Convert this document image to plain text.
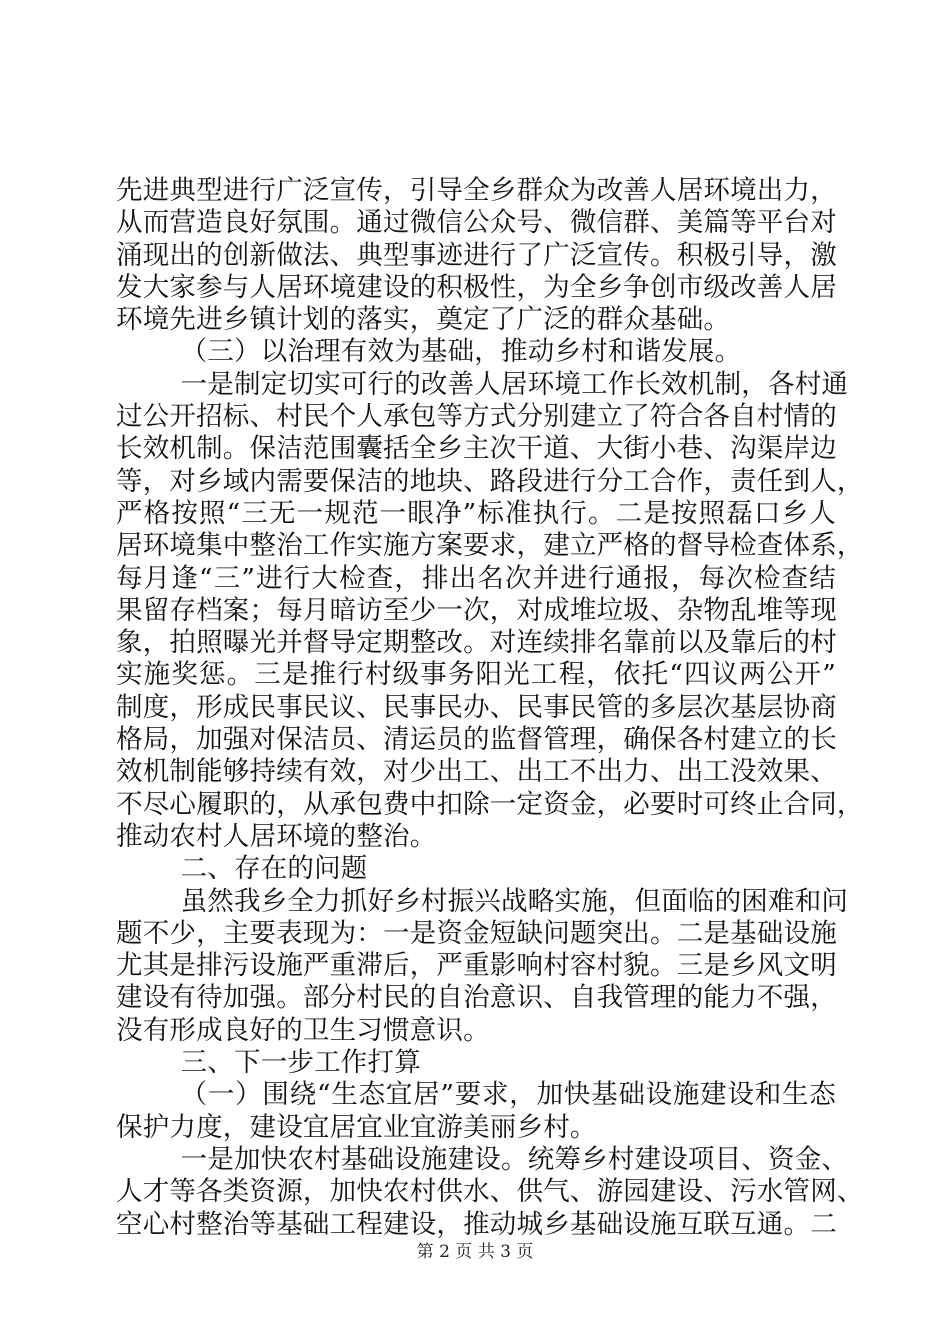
先进典型进行广泛宣传，引导全乡群众为改善人居环境出力，
从而营造良好氛围。通过微信公众号、微信群、美篇等平台对
涌现出的创新做法、典型事迹进行了广泛宣传。积极引导，激
发大家参与人居环境建设的积极性，为全乡争创市级改善人居
环境先进乡镇计划的落实，奠定了广泛的群众基础。
（三）以治理有效为基础，推动乡村和谐发展。
一是制定切实可行的改善人居环境工作长效机制，各村通
过公开招标、村民个人承包等方式分别建立了符合各自村情的
长效机制。保洁范围囊括全乡主次干道、大街小巷、沟渠岸边
等，对乡域内需要保洁的地块、路段进行分工合作，责任到人，
严格按照“三无一规范一眼净”标准执行。二是按照磊口乡人
居环境集中整治工作实施方案要求，建立严格的督导检查体系，
每月逢“三”进行大检查，排出名次并进行通报，每次检查结
果留存档案；每月暗访至少一次，对成堆垃圾、杂物乱堆等现
象，拍照曝光并督导定期整改。对连续排名靠前以及靠后的村
实施奖惩。三是推行村级事务阳光工程，依托“四议两公开”
制度，形成民事民议、民事民办、民事民管的多层次基层协商
格局，加强对保洁员、清运员的监督管理，确保各村建立的长
效机制能够持续有效，对少出工、出工不出力、出工没效果、
不尽心履职的，从承包费中扣除一定资金，必要时可终止合同，
推动农村人居环境的整治。
二、存在的问题
虽然我乡全力抓好乡村振兴战略实施，但面临的困难和问
题不少，主要表现为：一是资金短缺问题突出。二是基础设施
尤其是排污设施严重滞后，严重影响村容村貌。三是乡风文明
建设有待加强。部分村民的自治意识、自我管理的能力不强，
没有形成良好的卫生习惯意识。
三、下一步工作打算
（一）围绕“生态宜居”要求，加快基础设施建设和生态
保护力度，建设宜居宜业宜游美丽乡村。
一是加快农村基础设施建设。统筹乡村建设项目、资金、
人才等各类资源，加快农村供水、供气、游园建设、污水管网、
空心村整治等基础工程建设，推动城乡基础设施互联互通。二
第 2 页 共 3 页
